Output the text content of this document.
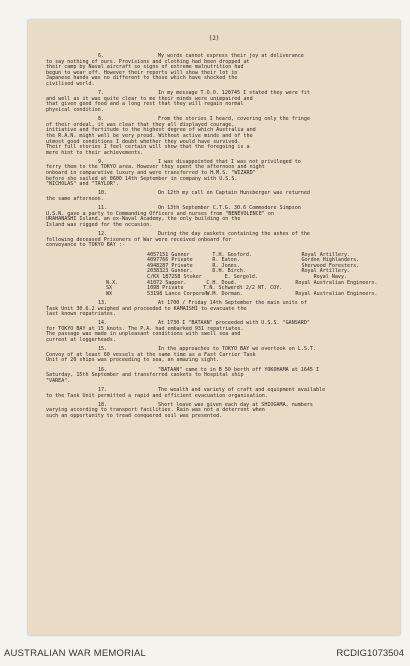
(2)
6.	My words cannot express their joy at deliverance
to say nothing of ours. Provisions and clothing had been dropped at
their camp by Naval aircraft so signs of extreme malnutrition had
begun to wear off. However their reports will show their lot in
Japanese hands was no different to those which have shocked the
civilised world.
7.	In my message T.O.O. 120745 I stated they were fit
and well as it was quite clear to me their minds were unimpaired and
that given good food and a long rest that they will regain normal
physical condition.
8.	From the stories I heard, covering only the fringe
of their ordeal, it was clear that they all displayed courage,
initiative and fortitude to the highest degree of which Australia and
the R.A.N. might well be very proud. Without active minds and of the
utmost good conditions I doubt whether they would have survived.
Their full stories I feel certain will show that the foregoing is a
mere hint to their achievements.
9.	I was disappointed that I was not privileged to
ferry them to the TOKYO area. However they spent the afternoon and night
onboard in comparative luxury and were transferred to H.M.S. "WIZARD"
before she sailed at 0600 14th September in company with U.S.S.
"NICHOLAS" and "TAYLOR".
10.	On 12th my call on Captain Hunsberger was returned
the same afternoon.
11.	On 13th September C.T.G. 30.6 Commodore Simpson
U.S.N. gave a party to Commanding Officers and nurses from "BENEVOLENCE" on
URAHANASHI Island, an ex-Naval Academy, the only building on the
Island was rigged for the occasion.
12.	During the day caskets containing the ashes of the
following deceased Prisoners of War were received onboard for
conveyance to TOKYO BAY :-
4057151 Gunner	T.H. Gosford.	Royal Artillery.
4097766 Private	R. Eaton.	Gordon Highlanders.
4948287 Private	R. Jones.	Sherwood Foresters.
2038323 Gunner.	D.H. Birch.	Royal Artillery.
C/KX 187258 Stoker	E. Sergold.	Royal Navy.
N.X.	41072 Sapper.	C.H. Doud.	Royal Australian Engineers.
SX	1098 Private	T.N. Schwerdt 2/2 NT. COY.
WX	53198 Lance Corporal W.M. Dorman.	Royal Australian Engineers.
13.	At 1700 / Friday 14th September the main units of
Task Unit 30.6.2 weighed and proceeded to KAMAISHI to evacuate the
last known repatriates.
14.	At 1730 I "BATAAN" proceeded with U.S.S. "GANSARD"
for TOKYO BAY at 15 knots. The P.A. had embarked 931 repatriates.
The passage was made in unpleasant conditions with swell sea and
current at loggerheads.
15.	In the approaches to TOKYO BAY we overtook on L.S.T.
Convoy of at least 60 vessels at the same time as a Fast Carrier Task
Unit of 20 ships was proceeding to sea, an amazing sight.
16.	"BATAAN" came to in B 50 berth off YOKOHAMA at 1645 I
Saturday, 15th September and transferred caskets to Hospital ship
"VAREA".
17.	The wealth and variety of craft and equipment available
to the Task Unit permitted a rapid and efficient evacuation organisation.
18.	Short leave was given each day at SHIOGAMA, numbers
varying according to transport facilities. Rain was not a deterrent when
such an opportunity to tread conquered soil was presented.
AUSTRALIAN WAR MEMORIAL	RCDIG1073504
